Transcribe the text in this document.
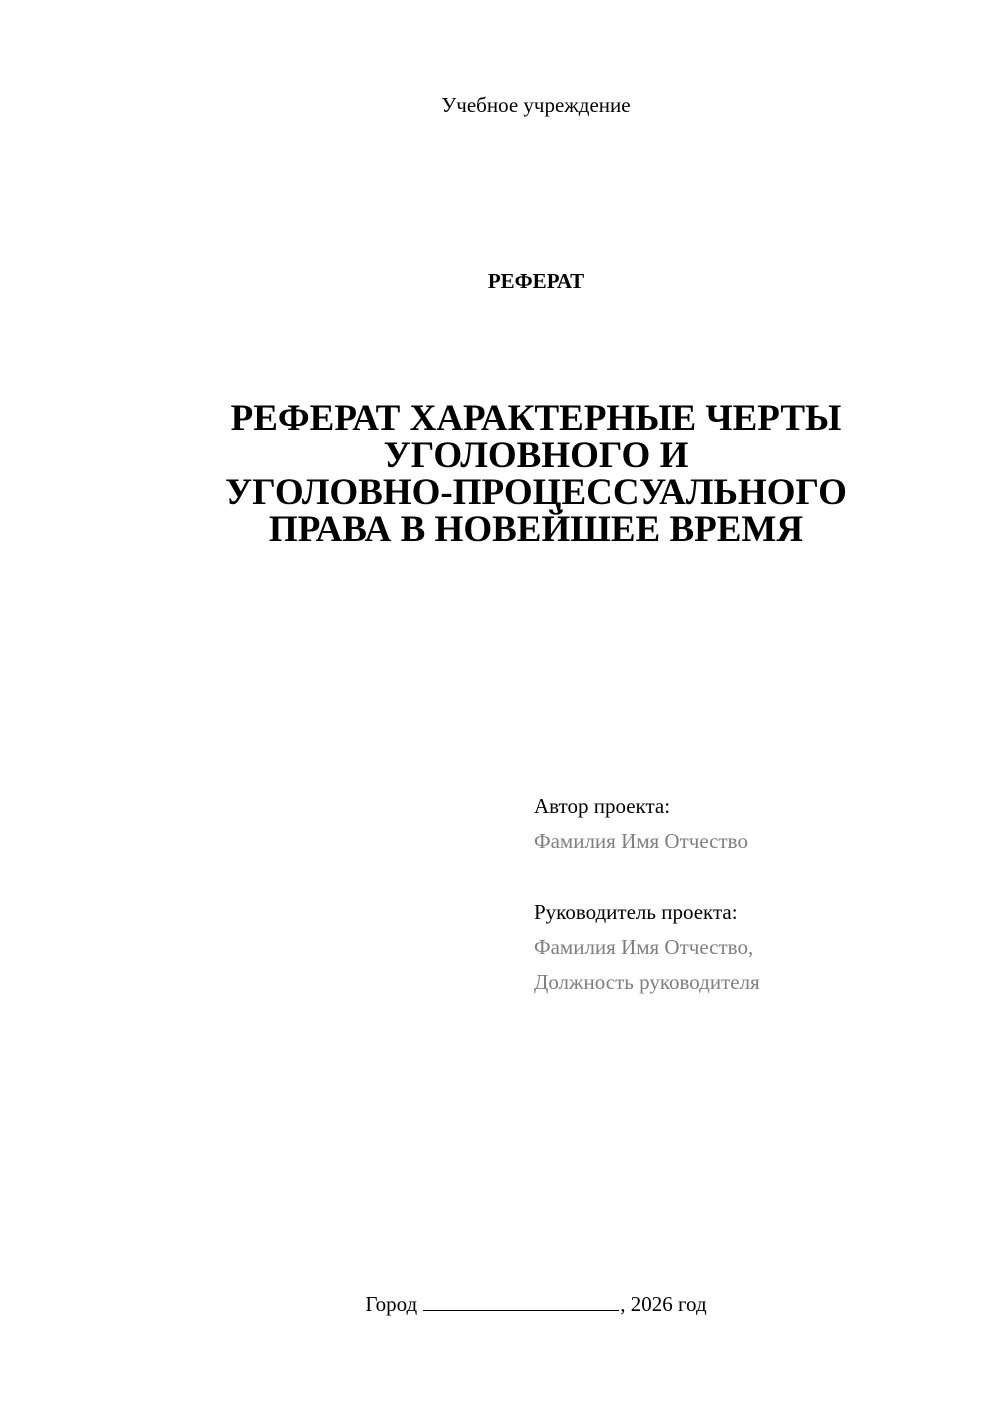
Учебное учреждение
РЕФЕРАТ
РЕФЕРАТ ХАРАКТЕРНЫЕ ЧЕРТЫ
УГОЛОВНОГО И
УГОЛОВНО-ПРОЦЕССУАЛЬНОГО
ПРАВА В НОВЕЙШЕЕ ВРЕМЯ
Автор проекта:
Фамилия Имя Отчество
Руководитель проекта:
Фамилия Имя Отчество,
Должность руководителя
Город	, 2026 год
